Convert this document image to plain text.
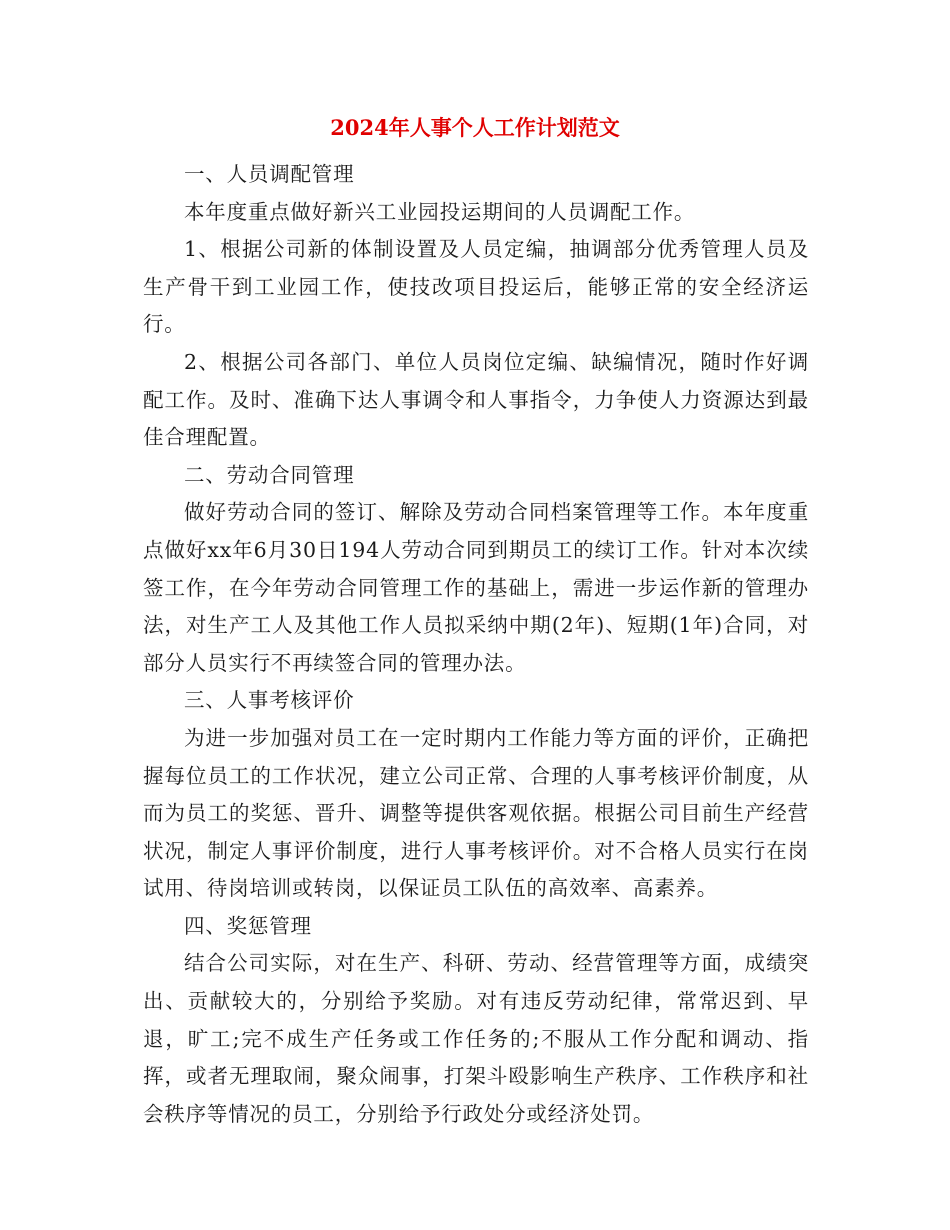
2024年人事个人工作计划范文

一、人员调配管理

本年度重点做好新兴工业园投运期间的人员调配工作。

1、根据公司新的体制设置及人员定编，抽调部分优秀管理人员及生产骨干到工业园工作，使技改项目投运后，能够正常的安全经济运行。

2、根据公司各部门、单位人员岗位定编、缺编情况，随时作好调配工作。及时、准确下达人事调令和人事指令，力争使人力资源达到最佳合理配置。

二、劳动合同管理

做好劳动合同的签订、解除及劳动合同档案管理等工作。本年度重点做好xx年6月30日194人劳动合同到期员工的续订工作。针对本次续签工作，在今年劳动合同管理工作的基础上，需进一步运作新的管理办法，对生产工人及其他工作人员拟采纳中期(2年)、短期(1年)合同，对部分人员实行不再续签合同的管理办法。

三、人事考核评价

为进一步加强对员工在一定时期内工作能力等方面的评价，正确把握每位员工的工作状况，建立公司正常、合理的人事考核评价制度，从而为员工的奖惩、晋升、调整等提供客观依据。根据公司目前生产经营状况，制定人事评价制度，进行人事考核评价。对不合格人员实行在岗试用、待岗培训或转岗，以保证员工队伍的高效率、高素养。

四、奖惩管理

结合公司实际，对在生产、科研、劳动、经营管理等方面，成绩突出、贡献较大的，分别给予奖励。对有违反劳动纪律，常常迟到、早退，旷工;完不成生产任务或工作任务的;不服从工作分配和调动、指挥，或者无理取闹，聚众闹事，打架斗殴影响生产秩序、工作秩序和社会秩序等情况的员工，分别给予行政处分或经济处罚。
